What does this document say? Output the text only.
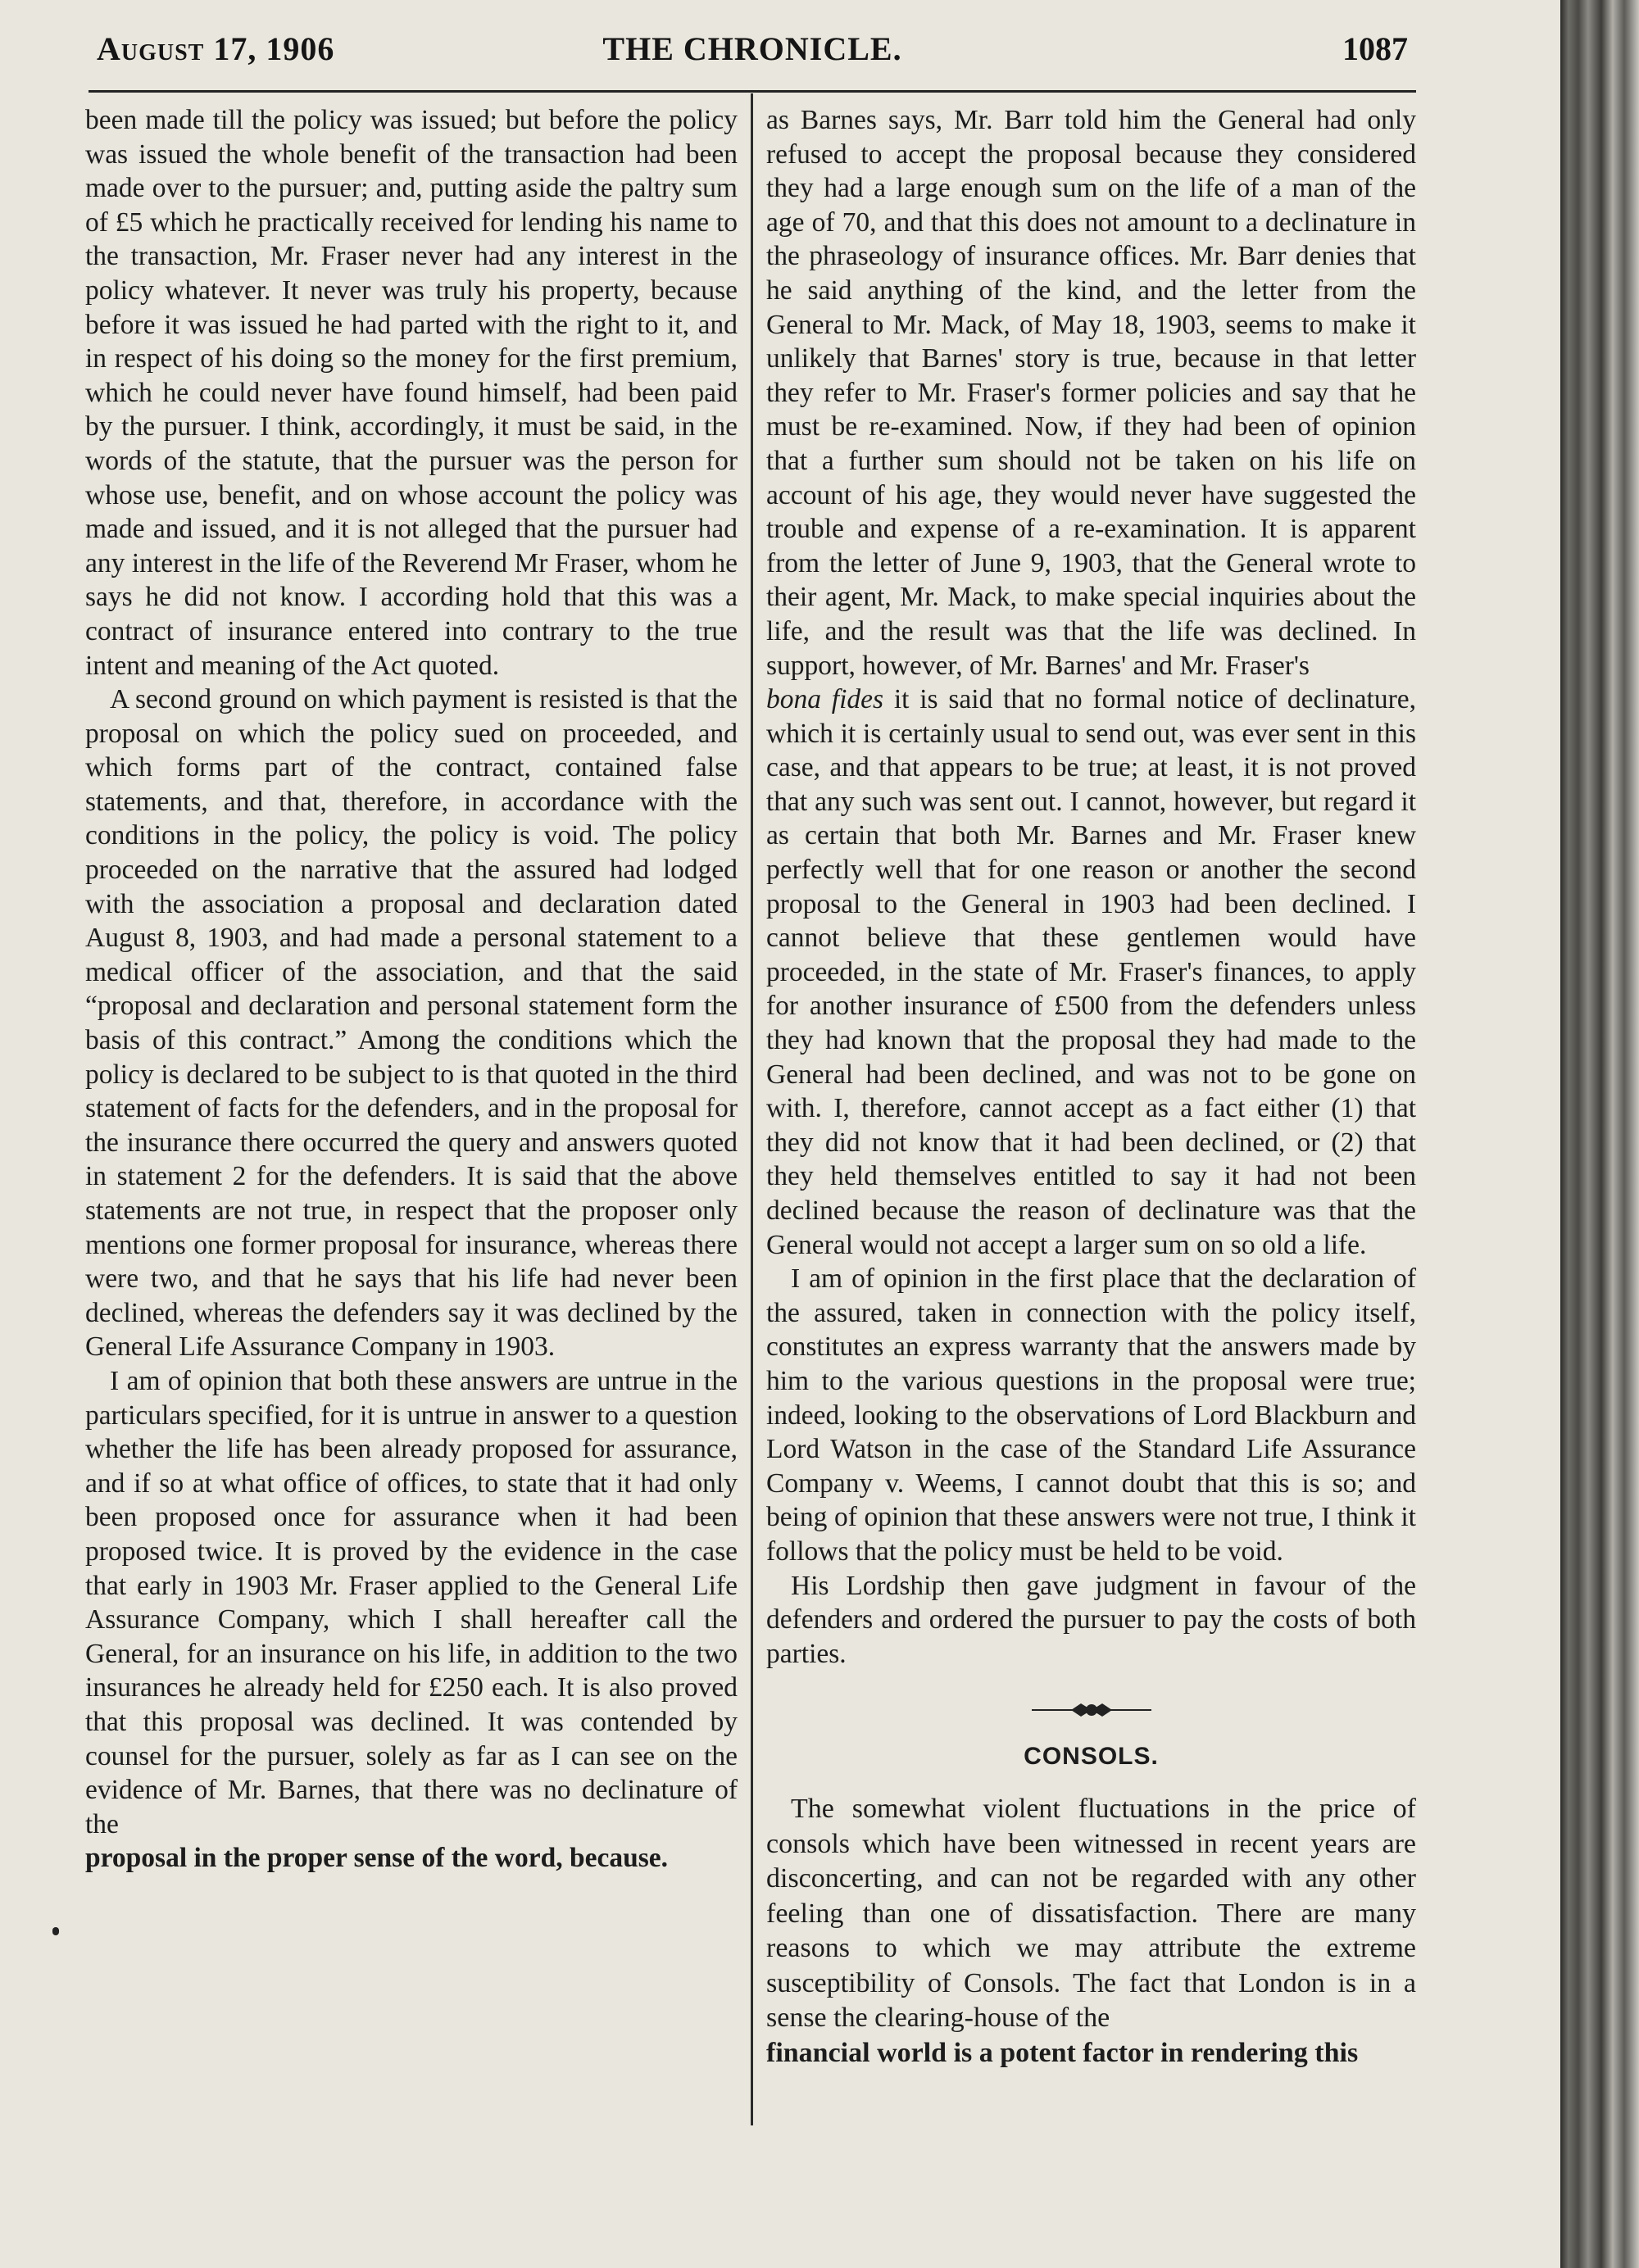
August 17, 1906	THE CHRONICLE.	1087

been made till the policy was issued; but before the policy was issued the whole benefit of the transaction had been made over to the pursuer; and, putting aside the paltry sum of £5 which he practically received for lending his name to the transaction, Mr. Fraser never had any interest in the policy whatever. It never was truly his property, because before it was issued he had parted with the right to it, and in respect of his doing so the money for the first premium, which he could never have found himself, had been paid by the pursuer. I think, accordingly, it must be said, in the words of the statute, that the pursuer was the person for whose use, benefit, and on whose account the policy was made and issued, and it is not alleged that the pursuer had any interest in the life of the Reverend Mr Fraser, whom he says he did not know. I according hold that this was a contract of insurance entered into contrary to the true intent and meaning of the Act quoted.

A second ground on which payment is resisted is that the proposal on which the policy sued on proceeded, and which forms part of the contract, contained false statements, and that, therefore, in accordance with the conditions in the policy, the policy is void. The policy proceeded on the narrative that the assured had lodged with the association a proposal and declaration dated August 8, 1903, and had made a personal statement to a medical officer of the association, and that the said “proposal and declaration and personal statement form the basis of this contract.” Among the conditions which the policy is declared to be subject to is that quoted in the third statement of facts for the defenders, and in the proposal for the insurance there occurred the query and answers quoted in statement 2 for the defenders. It is said that the above statements are not true, in respect that the proposer only mentions one former proposal for insurance, whereas there were two, and that he says that his life had never been declined, whereas the defenders say it was declined by the General Life Assurance Company in 1903.

I am of opinion that both these answers are untrue in the particulars specified, for it is untrue in answer to a question whether the life has been already proposed for assurance, and if so at what office of offices, to state that it had only been proposed once for assurance when it had been proposed twice. It is proved by the evidence in the case that early in 1903 Mr. Fraser applied to the General Life Assurance Company, which I shall hereafter call the General, for an insurance on his life, in addition to the two insurances he already held for £250 each. It is also proved that this proposal was declined. It was contended by counsel for the pursuer, solely as far as I can see on the evidence of Mr. Barnes, that there was no declinature of the

proposal in the proper sense of the word, because.

as Barnes says, Mr. Barr told him the General had only refused to accept the proposal because they considered they had a large enough sum on the life of a man of the age of 70, and that this does not amount to a declinature in the phraseology of insurance offices. Mr. Barr denies that he said anything of the kind, and the letter from the General to Mr. Mack, of May 18, 1903, seems to make it unlikely that Barnes' story is true, because in that letter they refer to Mr. Fraser's former policies and say that he must be re-examined. Now, if they had been of opinion that a further sum should not be taken on his life on account of his age, they would never have suggested the trouble and expense of a re-examination. It is apparent from the letter of June 9, 1903, that the General wrote to their agent, Mr. Mack, to make special inquiries about the life, and the result was that the life was declined. In support, however, of Mr. Barnes' and Mr. Fraser's

bona fides it is said that no formal notice of declinature, which it is certainly usual to send out, was ever sent in this case, and that appears to be true; at least, it is not proved that any such was sent out. I cannot, however, but regard it as certain that both Mr. Barnes and Mr. Fraser knew perfectly well that for one reason or another the second proposal to the General in 1903 had been declined. I cannot believe that these gentlemen would have proceeded, in the state of Mr. Fraser's finances, to apply for another insurance of £500 from the defenders unless they had known that the proposal they had made to the General had been declined, and was not to be gone on with. I, therefore, cannot accept as a fact either (1) that they did not know that it had been declined, or (2) that they held themselves entitled to say it had not been declined because the reason of declinature was that the General would not accept a larger sum on so old a life.

I am of opinion in the first place that the declaration of the assured, taken in connection with the policy itself, constitutes an express warranty that the answers made by him to the various questions in the proposal were true; indeed, looking to the observations of Lord Blackburn and Lord Watson in the case of the Standard Life Assurance Company v. Weems, I cannot doubt that this is so; and being of opinion that these answers were not true, I think it follows that the policy must be held to be void.

His Lordship then gave judgment in favour of the defenders and ordered the pursuer to pay the costs of both parties.

CONSOLS.

The somewhat violent fluctuations in the price of consols which have been witnessed in recent years are disconcerting, and can not be regarded with any other feeling than one of dissatisfaction. There are many reasons to which we may attribute the extreme susceptibility of Consols. The fact that London is in a sense the clearing-house of the

financial world is a potent factor in rendering this
